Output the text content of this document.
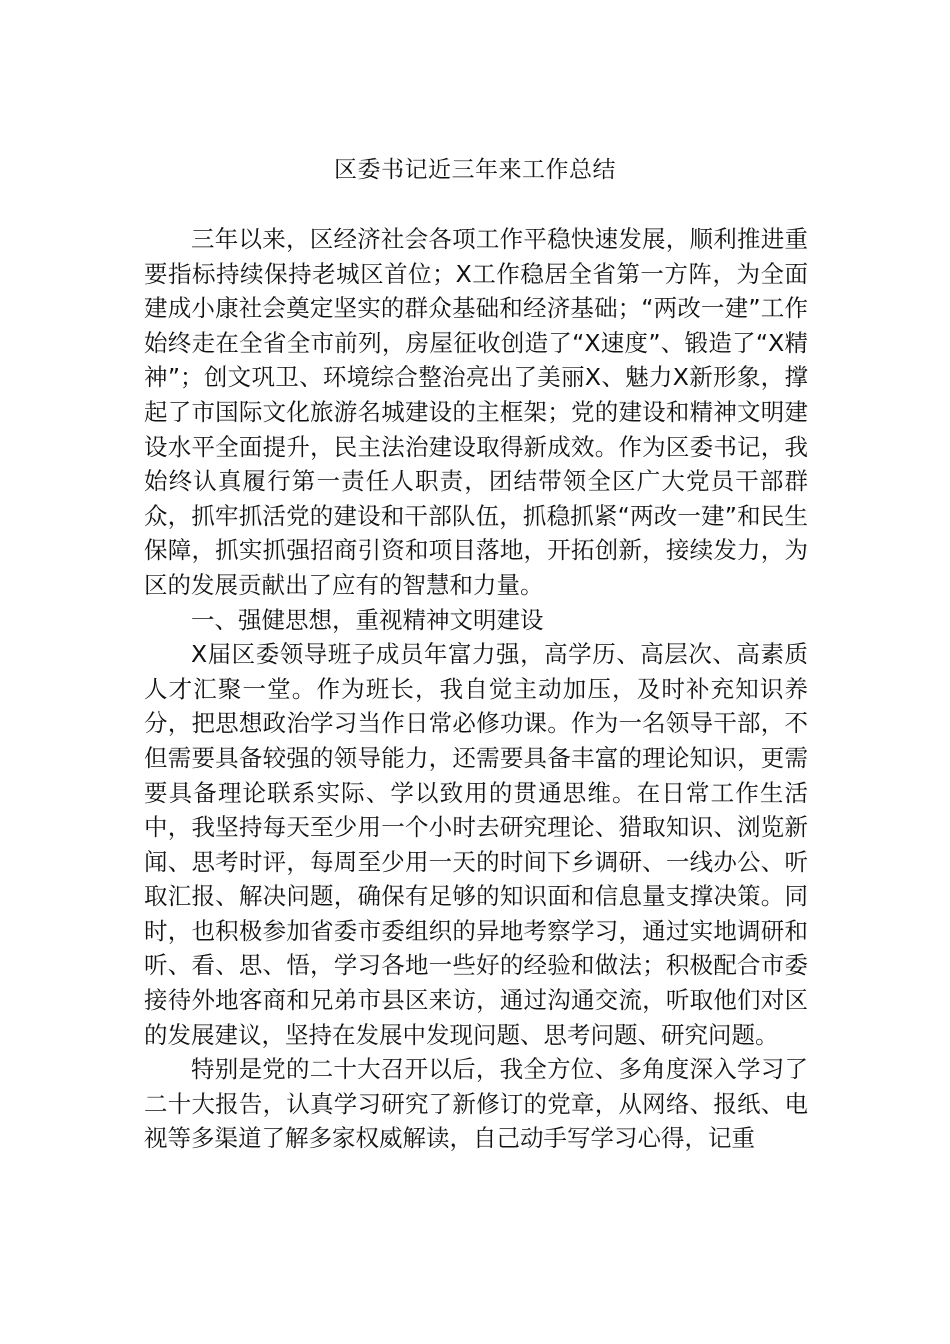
区委书记近三年来工作总结

三年以来，区经济社会各项工作平稳快速发展，顺利推进重要指标持续保持老城区首位；X工作稳居全省第一方阵，为全面建成小康社会奠定坚实的群众基础和经济基础；“两改一建”工作始终走在全省全市前列，房屋征收创造了“X速度”、锻造了“X精神”；创文巩卫、环境综合整治亮出了美丽X、魅力X新形象，撑起了市国际文化旅游名城建设的主框架；党的建设和精神文明建设水平全面提升，民主法治建设取得新成效。作为区委书记，我始终认真履行第一责任人职责，团结带领全区广大党员干部群众，抓牢抓活党的建设和干部队伍，抓稳抓紧“两改一建”和民生保障，抓实抓强招商引资和项目落地，开拓创新，接续发力，为区的发展贡献出了应有的智慧和力量。

一、强健思想，重视精神文明建设

X届区委领导班子成员年富力强，高学历、高层次、高素质人才汇聚一堂。作为班长，我自觉主动加压，及时补充知识养分，把思想政治学习当作日常必修功课。作为一名领导干部，不但需要具备较强的领导能力，还需要具备丰富的理论知识，更需要具备理论联系实际、学以致用的贯通思维。在日常工作生活中，我坚持每天至少用一个小时去研究理论、猎取知识、浏览新闻、思考时评，每周至少用一天的时间下乡调研、一线办公、听取汇报、解决问题，确保有足够的知识面和信息量支撑决策。同时，也积极参加省委市委组织的异地考察学习，通过实地调研和听、看、思、悟，学习各地一些好的经验和做法；积极配合市委接待外地客商和兄弟市县区来访，通过沟通交流，听取他们对区的发展建议，坚持在发展中发现问题、思考问题、研究问题。

特别是党的二十大召开以后，我全方位、多角度深入学习了二十大报告，认真学习研究了新修订的党章，从网络、报纸、电视等多渠道了解多家权威解读，自己动手写学习心得，记重
